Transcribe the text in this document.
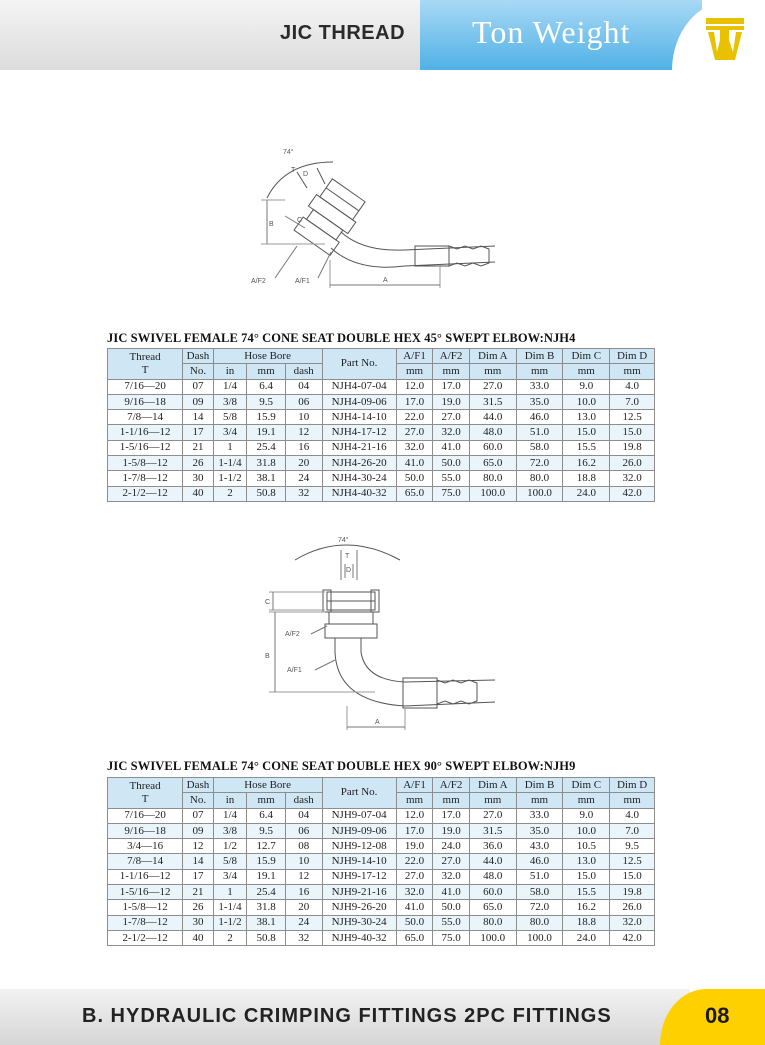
JIC THREAD Ton Weight
74°
T
D
C
B
A/F2	A/F1	A
JIC SWIVEL FEMALE 74° CONE SEAT DOUBLE HEX 45° SWEPT ELBOW:NJH4
Thread
T	Dash	Hose Bore			Part No.	A/F1	A/F2	Dim A	Dim B	Dim C	Dim D
	No.	in	mm	dash		mm	mm	mm	mm	mm	mm
7/16—20	07	1/4	6.4	04	NJH4-07-04	12.0	17.0	27.0	33.0	9.0	4.0
9/16—18	09	3/8	9.5	06	NJH4-09-06	17.0	19.0	31.5	35.0	10.0	7.0
7/8—14	14	5/8	15.9	10	NJH4-14-10	22.0	27.0	44.0	46.0	13.0	12.5
1-1/16—12	17	3/4	19.1	12	NJH4-17-12	27.0	32.0	48.0	51.0	15.0	15.0
1-5/16—12	21	1	25.4	16	NJH4-21-16	32.0	41.0	60.0	58.0	15.5	19.8
1-5/8—12	26	1-1/4	31.8	20	NJH4-26-20	41.0	50.0	65.0	72.0	16.2	26.0
1-7/8—12	30	1-1/2	38.1	24	NJH4-30-24	50.0	55.0	80.0	80.0	18.8	32.0
2-1/2—12	40	2	50.8	32	NJH4-40-32	65.0	75.0	100.0	100.0	24.0	42.0
74°
T
D
C
A/F2
B
A/F1
A
JIC SWIVEL FEMALE 74° CONE SEAT DOUBLE HEX 90° SWEPT ELBOW:NJH9
Thread
T	Dash	Hose Bore			Part No.	A/F1	A/F2	Dim A	Dim B	Dim C	Dim D
	No.	in	mm	dash		mm	mm	mm	mm	mm	mm
7/16—20	07	1/4	6.4	04	NJH9-07-04	12.0	17.0	27.0	33.0	9.0	4.0
9/16—18	09	3/8	9.5	06	NJH9-09-06	17.0	19.0	31.5	35.0	10.0	7.0
3/4—16	12	1/2	12.7	08	NJH9-12-08	19.0	24.0	36.0	43.0	10.5	9.5
7/8—14	14	5/8	15.9	10	NJH9-14-10	22.0	27.0	44.0	46.0	13.0	12.5
1-1/16—12	17	3/4	19.1	12	NJH9-17-12	27.0	32.0	48.0	51.0	15.0	15.0
1-5/16—12	21	1	25.4	16	NJH9-21-16	32.0	41.0	60.0	58.0	15.5	19.8
1-5/8—12	26	1-1/4	31.8	20	NJH9-26-20	41.0	50.0	65.0	72.0	16.2	26.0
1-7/8—12	30	1-1/2	38.1	24	NJH9-30-24	50.0	55.0	80.0	80.0	18.8	32.0
2-1/2—12	40	2	50.8	32	NJH9-40-32	65.0	75.0	100.0	100.0	24.0	42.0
B. HYDRAULIC CRIMPING FITTINGS 2PC FITTINGS	08
